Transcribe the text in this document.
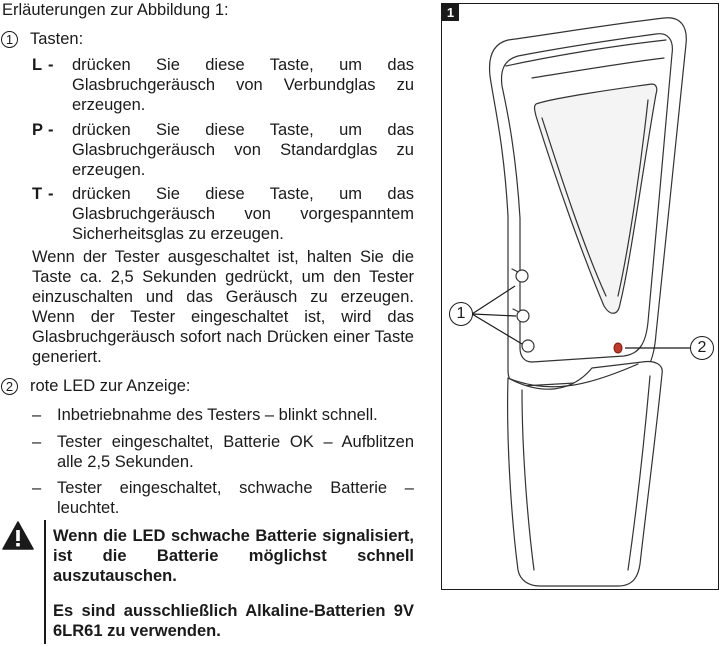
Erläuterungen zur Abbildung 1:
1 Tasten:
L - drücken Sie diese Taste, um das Glasbruchgeräusch von Verbundglas zu erzeugen.
P - drücken Sie diese Taste, um das Glasbruchgeräusch von Standardglas zu erzeugen.
T - drücken Sie diese Taste, um das Glasbruchgeräusch von vorgespanntem Sicherheitsglas zu erzeugen.
Wenn der Tester ausgeschaltet ist, halten Sie die Taste ca. 2,5 Sekunden gedrückt, um den Tester einzuschalten und das Geräusch zu erzeugen. Wenn der Tester eingeschaltet ist, wird das Glasbruchgeräusch sofort nach Drücken einer Taste generiert.
2 rote LED zur Anzeige:
– Inbetriebnahme des Testers – blinkt schnell.
– Tester eingeschaltet, Batterie OK – Aufblitzen alle 2,5 Sekunden.
– Tester eingeschaltet, schwache Batterie – leuchtet.
Wenn die LED schwache Batterie signalisiert, ist die Batterie möglichst schnell auszutauschen.
Es sind ausschließlich Alkaline-Batterien 9V 6LR61 zu verwenden.
1
1
2
